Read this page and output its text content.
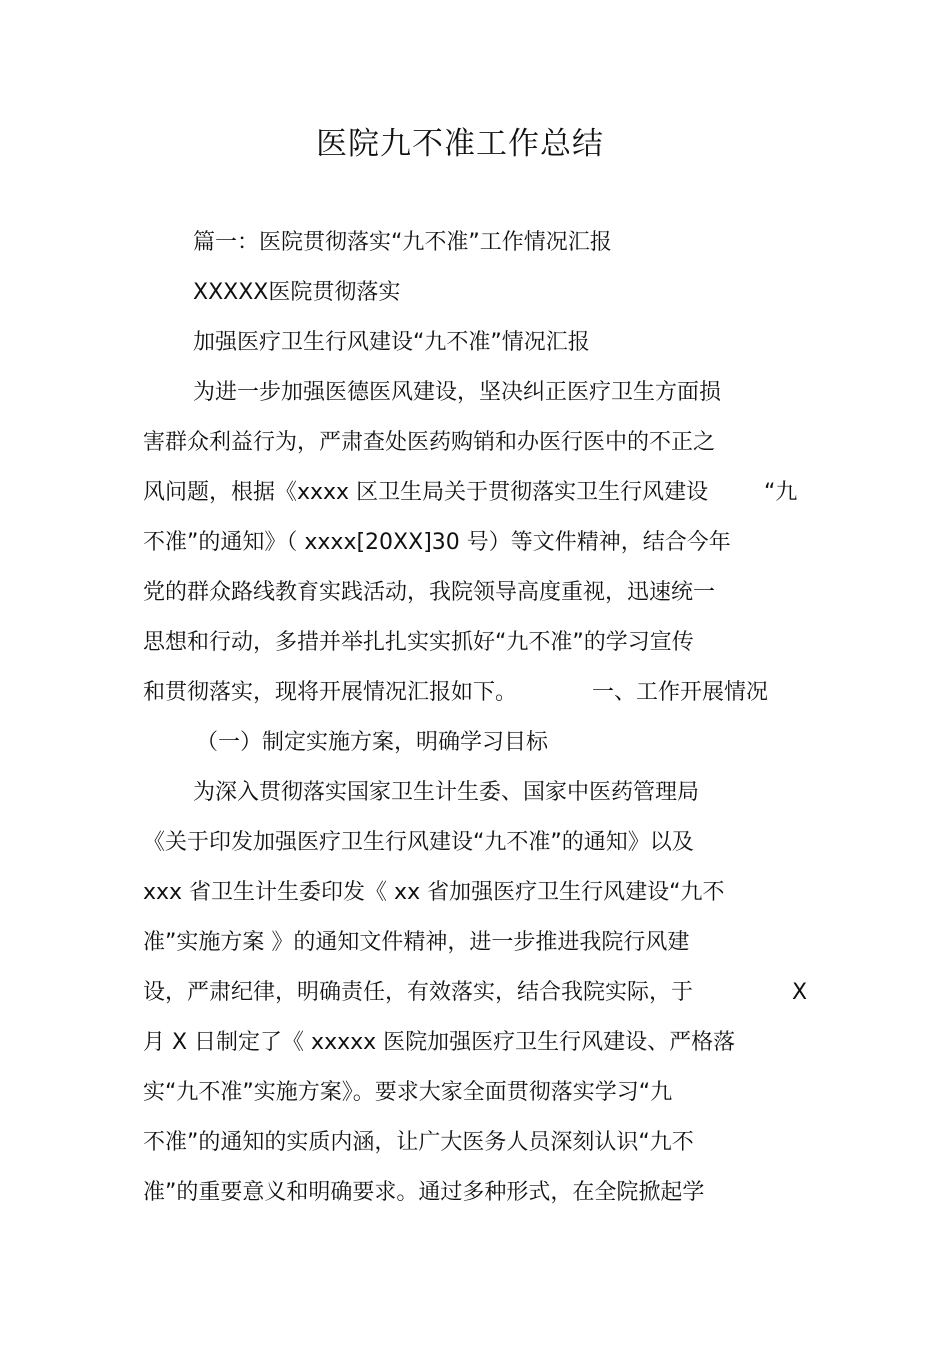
医院九不准工作总结
篇一：医院贯彻落实“九不准”工作情况汇报
XXXXX医院贯彻落实
加强医疗卫生行风建设“九不准”情况汇报
为进一步加强医德医风建设，坚决纠正医疗卫生方面损
害群众利益行为，严肃查处医药购销和办医行医中的不正之
风问题，根据《xxxx 区卫生局关于贯彻落实卫生行风建设	“九
不准”的通知》（ xxxx[20XX]30 号）等文件精神，结合今年
党的群众路线教育实践活动，我院领导高度重视，迅速统一
思想和行动，多措并举扎扎实实抓好“九不准”的学习宣传
和贯彻落实，现将开展情况汇报如下。	一、工作开展情况
（一）制定实施方案，明确学习目标
为深入贯彻落实国家卫生计生委、国家中医药管理局
《关于印发加强医疗卫生行风建设“九不准”的通知》以及
xxx 省卫生计生委印发《 xx 省加强医疗卫生行风建设“九不
准”实施方案 》的通知文件精神，进一步推进我院行风建
设，严肃纪律，明确责任，有效落实，结合我院实际，于	X
月 X 日制定了《 xxxxx 医院加强医疗卫生行风建设、严格落
实“九不准”实施方案》。要求大家全面贯彻落实学习“九
不准”的通知的实质内涵，让广大医务人员深刻认识“九不
准”的重要意义和明确要求。通过多种形式，在全院掀起学
